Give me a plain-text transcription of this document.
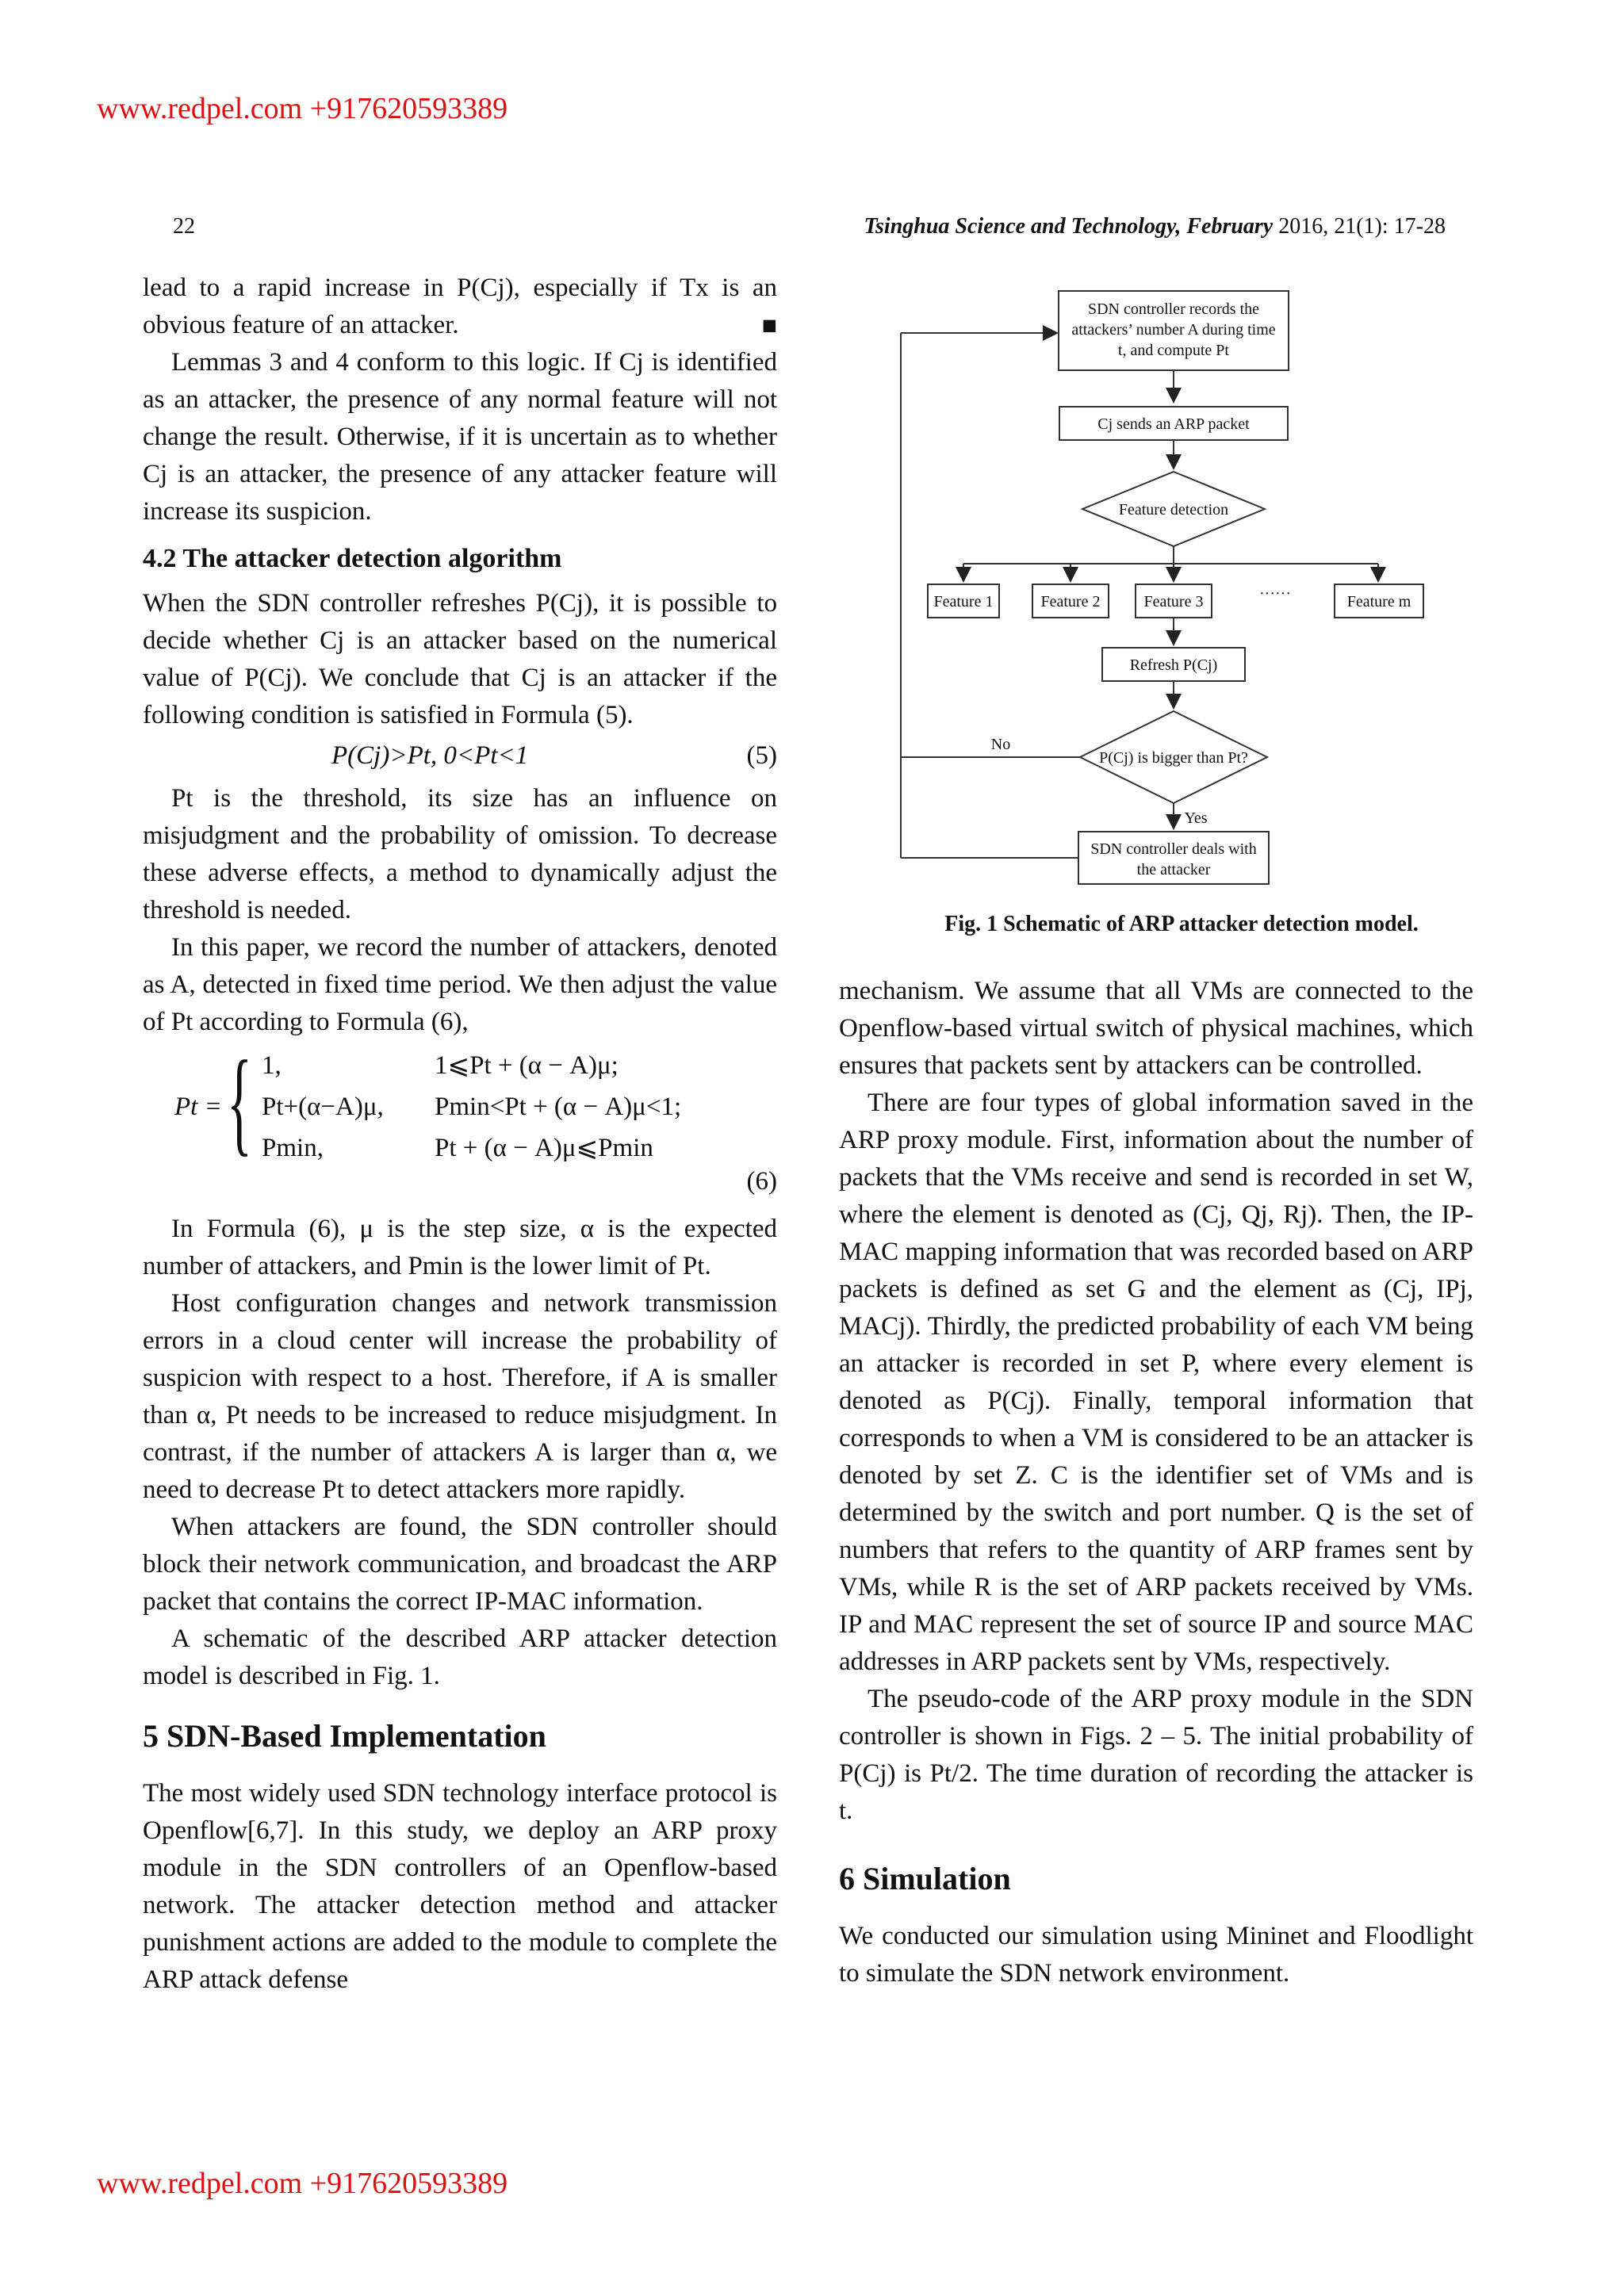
www.redpel.com +917620593389
www.redpel.com +917620593389
22	Tsinghua Science and Technology, February 2016, 21(1): 17-28

lead to a rapid increase in P(Cj), especially if Tx is an obvious feature of an attacker.	■

Lemmas 3 and 4 conform to this logic. If Cj is identified as an attacker, the presence of any normal feature will not change the result. Otherwise, if it is uncertain as to whether Cj is an attacker, the presence of any attacker feature will increase its suspicion.

4.2 The attacker detection algorithm

When the SDN controller refreshes P(Cj), it is possible to decide whether Cj is an attacker based on the numerical value of P(Cj). We conclude that Cj is an attacker if the following condition is satisfied in Formula (5).

P(Cj)>Pt, 0<Pt<1	(5)

Pt is the threshold, its size has an influence on misjudgment and the probability of omission. To decrease these adverse effects, a method to dynamically adjust the threshold is needed.

In this paper, we record the number of attackers, denoted as A, detected in fixed time period. We then adjust the value of Pt according to Formula (6),

Pt = { 1,	1⩽Pt + (α − A)μ;
Pt+(α−A)μ, Pmin<Pt + (α − A)μ<1;
Pmin,	Pt + (α − A)μ⩽Pmin
(6)

In Formula (6), μ is the step size, α is the expected number of attackers, and Pmin is the lower limit of Pt.

Host configuration changes and network transmission errors in a cloud center will increase the probability of suspicion with respect to a host. Therefore, if A is smaller than α, Pt needs to be increased to reduce misjudgment. In contrast, if the number of attackers A is larger than α, we need to decrease Pt to detect attackers more rapidly.

When attackers are found, the SDN controller should block their network communication, and broadcast the ARP packet that contains the correct IP-MAC information.

A schematic of the described ARP attacker detection model is described in Fig. 1.

5 SDN-Based Implementation

The most widely used SDN technology interface protocol is Openflow[6,7]. In this study, we deploy an ARP proxy module in the SDN controllers of an Openflow-based network. The attacker detection method and attacker punishment actions are added to the module to complete the ARP attack defense

mechanism. We assume that all VMs are connected to the Openflow-based virtual switch of physical machines, which ensures that packets sent by attackers can be controlled.

There are four types of global information saved in the ARP proxy module. First, information about the number of packets that the VMs receive and send is recorded in set W, where the element is denoted as (Cj, Qj, Rj). Then, the IP-MAC mapping information that was recorded based on ARP packets is defined as set G and the element as (Cj, IPj, MACj). Thirdly, the predicted probability of each VM being an attacker is recorded in set P, where every element is denoted as P(Cj). Finally, temporal information that corresponds to when a VM is considered to be an attacker is denoted by set Z. C is the identifier set of VMs and is determined by the switch and port number. Q is the set of numbers that refers to the quantity of ARP frames sent by VMs, while R is the set of ARP packets received by VMs. IP and MAC represent the set of source IP and source MAC addresses in ARP packets sent by VMs, respectively.

The pseudo-code of the ARP proxy module in the SDN controller is shown in Figs. 2 – 5. The initial probability of P(Cj) is Pt/2. The time duration of recording the attacker is t.

6 Simulation

We conducted our simulation using Mininet and Floodlight to simulate the SDN network environment.

SDN controller records the
attackers’ number A during time
t, and compute Pt
Cj sends an ARP packet
Feature detection
Feature 1	Feature 2	Feature 3	······	Feature m
Refresh P(Cj)
P(Cj) is bigger than Pt?
No
Yes
SDN controller deals with
the attacker
Fig. 1 Schematic of ARP attacker detection model.
